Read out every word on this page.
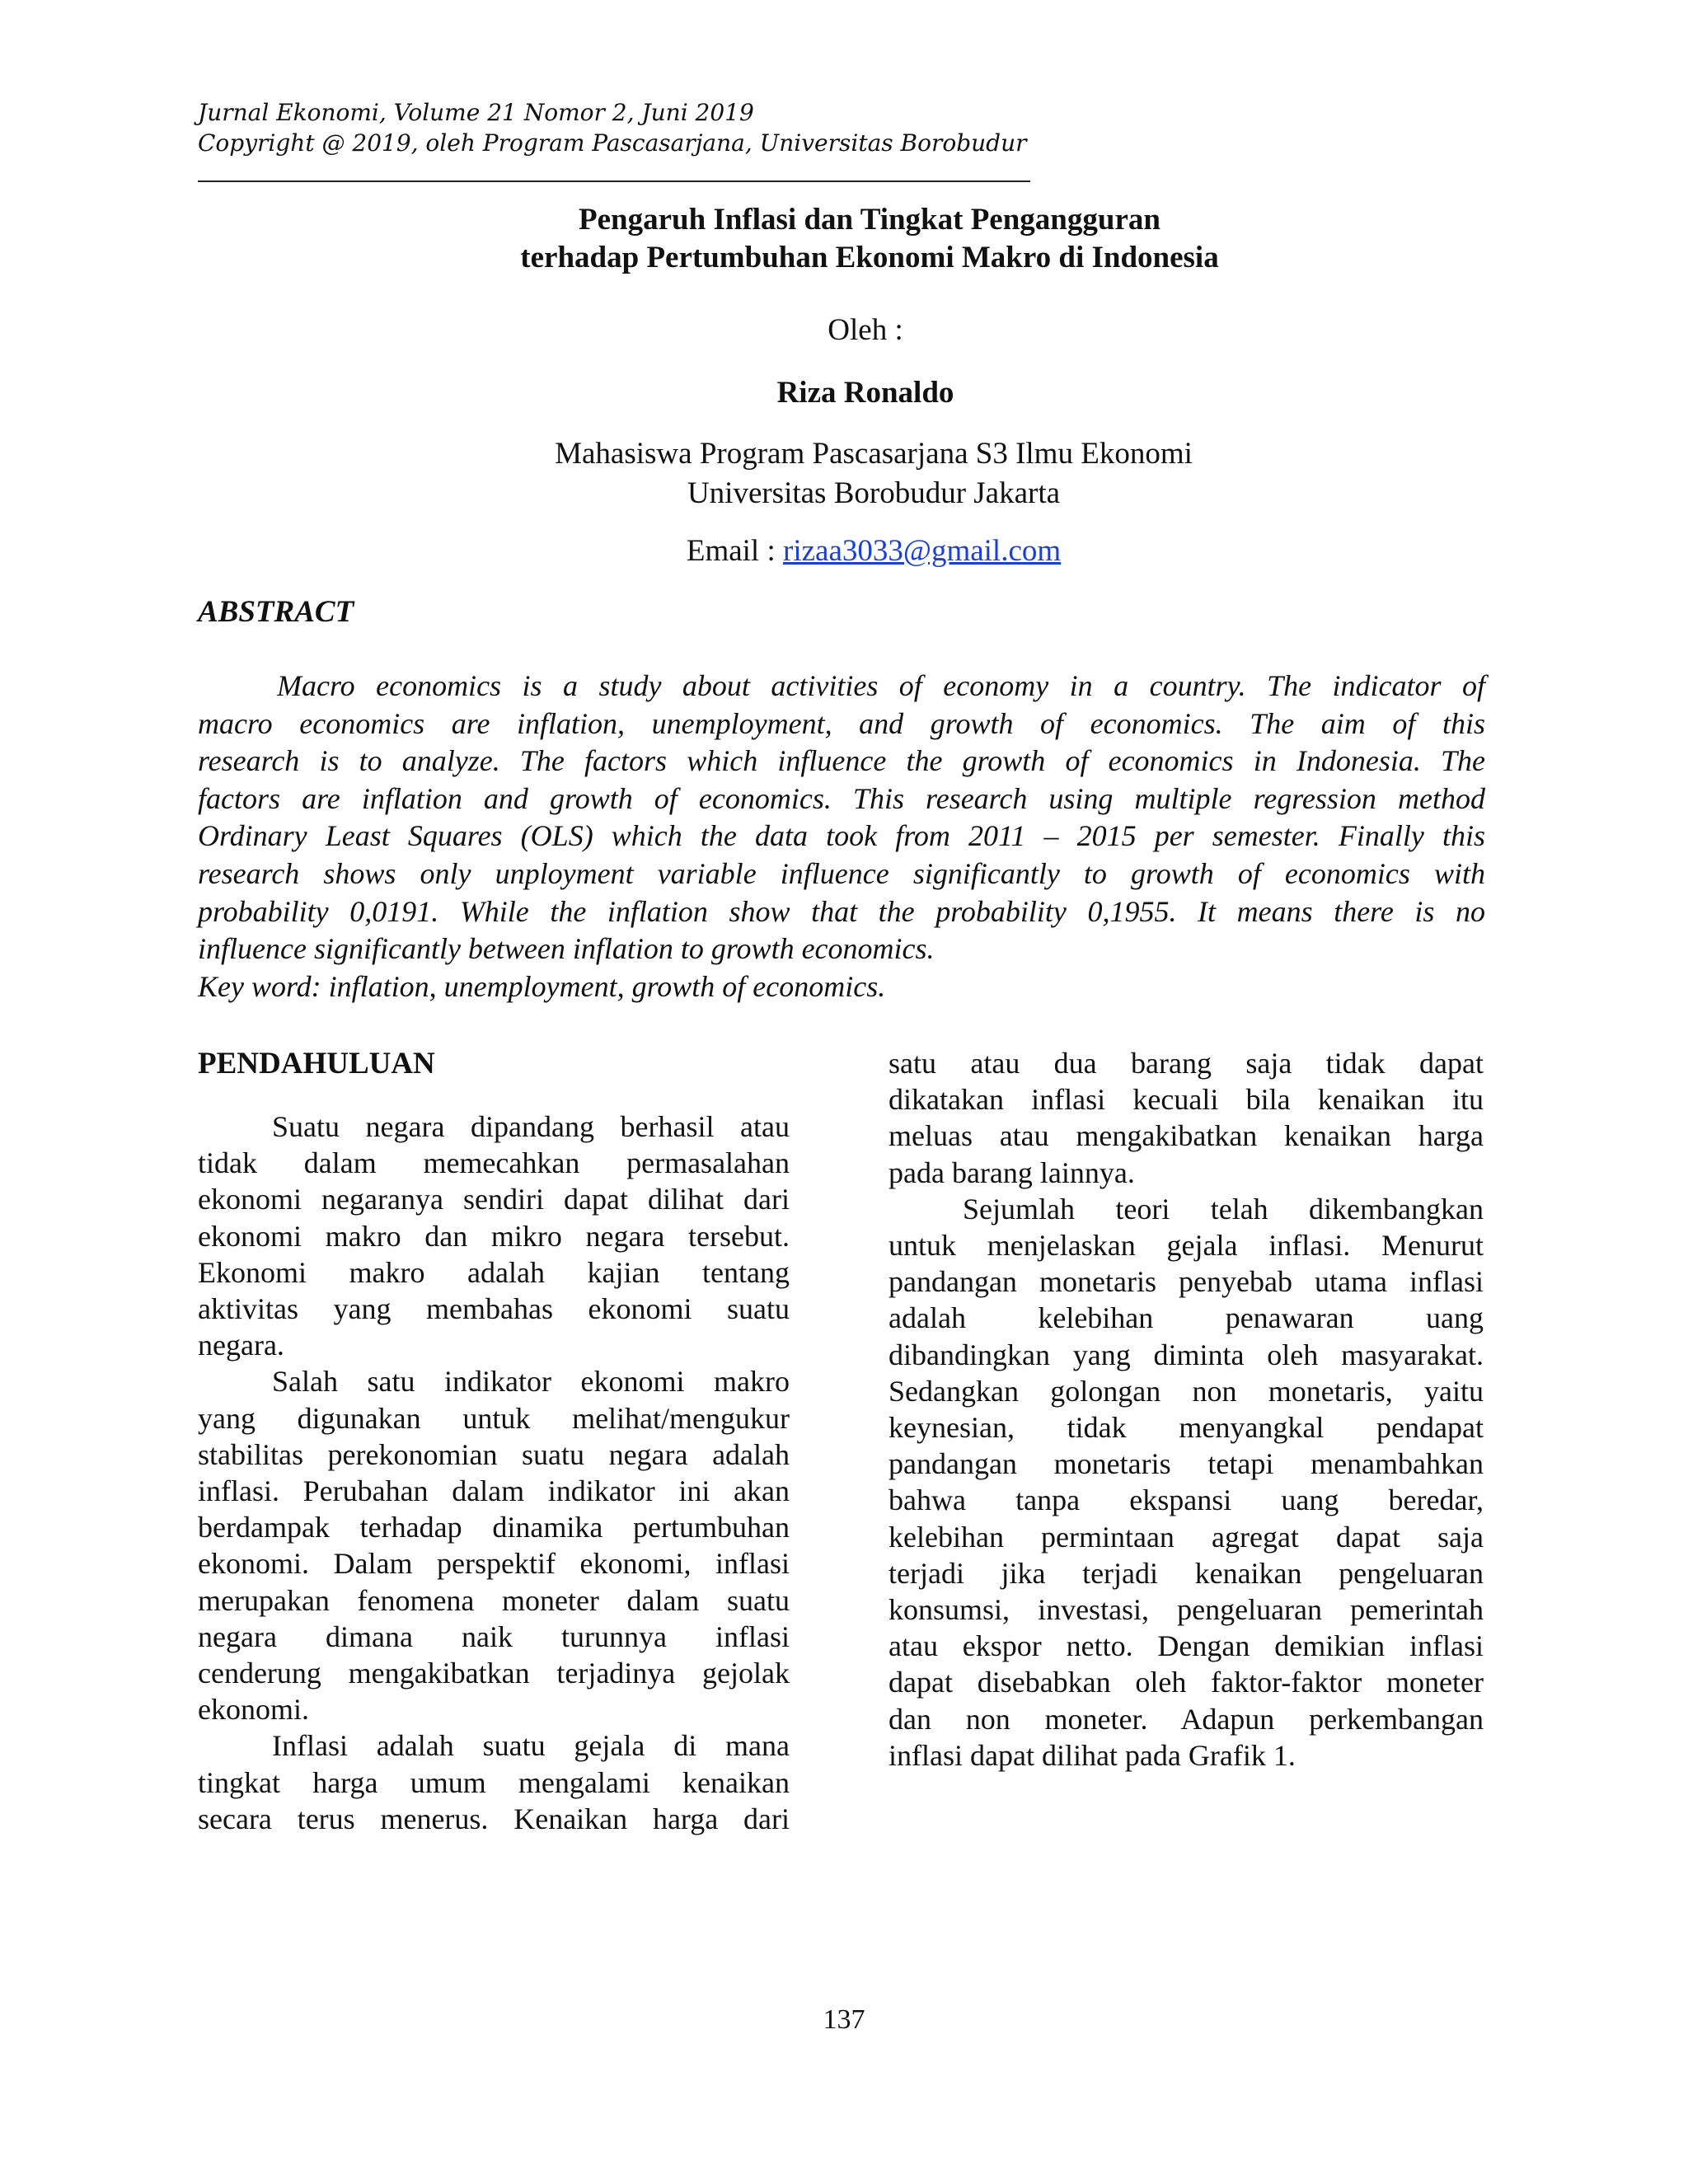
Jurnal Ekonomi, Volume 21 Nomor 2, Juni 2019
Copyright @ 2019, oleh Program Pascasarjana, Universitas Borobudur
Pengaruh Inflasi dan Tingkat Pengangguran
terhadap Pertumbuhan Ekonomi Makro di Indonesia
Oleh :
Riza Ronaldo
Mahasiswa Program Pascasarjana S3 Ilmu Ekonomi
Universitas Borobudur Jakarta
Email : rizaa3033@gmail.com
ABSTRACT
Macro economics is a study about activities of economy in a country. The indicator of
macro economics are inflation, unemployment, and growth of economics. The aim of this
research is to analyze. The factors which influence the growth of economics in Indonesia. The
factors are inflation and growth of economics. This research using multiple regression method
Ordinary Least Squares (OLS) which the data took from 2011 – 2015 per semester. Finally this
research shows only unployment variable influence significantly to growth of economics with
probability 0,0191. While the inflation show that the probability 0,1955. It means there is no
influence significantly between inflation to growth economics.
Key word: inflation, unemployment, growth of economics.
PENDAHULUAN
Suatu negara dipandang berhasil atau
tidak dalam memecahkan permasalahan
ekonomi negaranya sendiri dapat dilihat dari
ekonomi makro dan mikro negara tersebut.
Ekonomi makro adalah kajian tentang
aktivitas yang membahas ekonomi suatu
negara.
Salah satu indikator ekonomi makro
yang digunakan untuk melihat/mengukur
stabilitas perekonomian suatu negara adalah
inflasi. Perubahan dalam indikator ini akan
berdampak terhadap dinamika pertumbuhan
ekonomi. Dalam perspektif ekonomi, inflasi
merupakan fenomena moneter dalam suatu
negara dimana naik turunnya inflasi
cenderung mengakibatkan terjadinya gejolak
ekonomi.
Inflasi adalah suatu gejala di mana
tingkat harga umum mengalami kenaikan
secara terus menerus. Kenaikan harga dari
satu atau dua barang saja tidak dapat
dikatakan inflasi kecuali bila kenaikan itu
meluas atau mengakibatkan kenaikan harga
pada barang lainnya.
Sejumlah teori telah dikembangkan
untuk menjelaskan gejala inflasi. Menurut
pandangan monetaris penyebab utama inflasi
adalah kelebihan penawaran uang
dibandingkan yang diminta oleh masyarakat.
Sedangkan golongan non monetaris, yaitu
keynesian, tidak menyangkal pendapat
pandangan monetaris tetapi menambahkan
bahwa tanpa ekspansi uang beredar,
kelebihan permintaan agregat dapat saja
terjadi jika terjadi kenaikan pengeluaran
konsumsi, investasi, pengeluaran pemerintah
atau ekspor netto. Dengan demikian inflasi
dapat disebabkan oleh faktor-faktor moneter
dan non moneter. Adapun perkembangan
inflasi dapat dilihat pada Grafik 1.
137
